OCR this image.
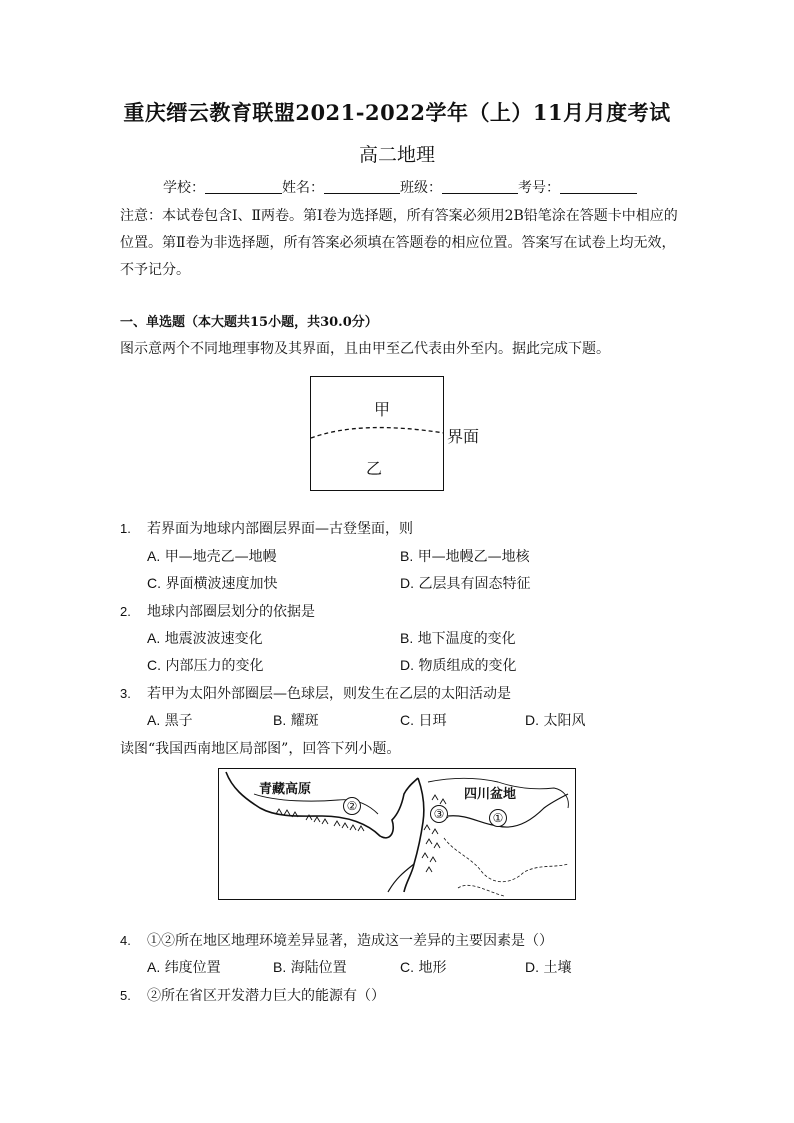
重庆缙云教育联盟2021-2022学年（上）11月月度考试
高二地理
学校：	姓名：	班级：	考号：
注意：本试卷包含Ⅰ、Ⅱ两卷。第Ⅰ卷为选择题，所有答案必须用2B铅笔涂在答题卡中相应的位置。第Ⅱ卷为非选择题，所有答案必须填在答题卷的相应位置。答案写在试卷上均无效，不予记分。
一、单选题（本大题共15小题，共30.0分）
图示意两个不同地理事物及其界面，且由甲至乙代表由外至内。据此完成下题。
甲
乙
界面
1. 若界面为地球内部圈层界面—古登堡面，则
A. 甲—地壳乙—地幔	B. 甲—地幔乙—地核
C. 界面横波速度加快	D. 乙层具有固态特征
2. 地球内部圈层划分的依据是
A. 地震波波速变化	B. 地下温度的变化
C. 内部压力的变化	D. 物质组成的变化
3. 若甲为太阳外部圈层—色球层，则发生在乙层的太阳活动是
A. 黑子	B. 耀斑	C. 日珥	D. 太阳风
读图“我国西南地区局部图”，回答下列小题。
青藏高原	四川盆地
②
③	①
4. ①②所在地区地理环境差异显著，造成这一差异的主要因素是（）
A. 纬度位置	B. 海陆位置	C. 地形	D. 土壤
5. ②所在省区开发潜力巨大的能源有（）
